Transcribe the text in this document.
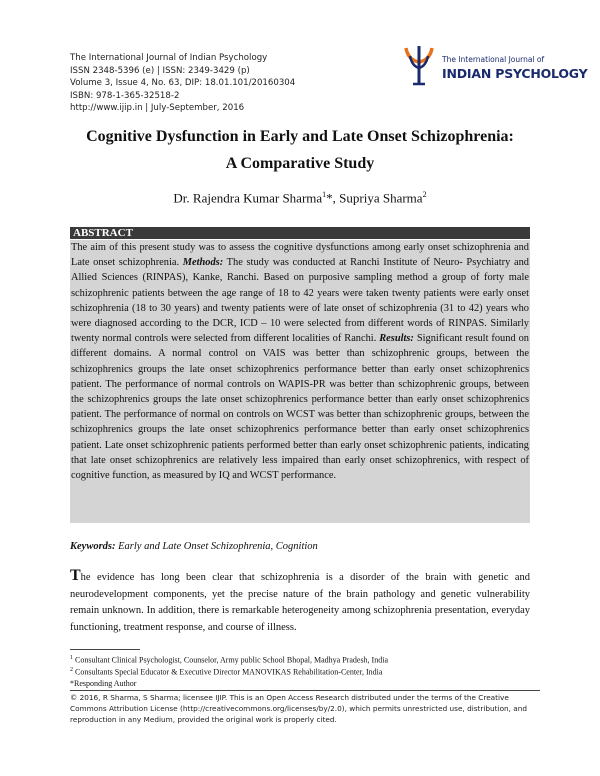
The International Journal of Indian Psychology
ISSN 2348-5396 (e) | ISSN: 2349-3429 (p)
Volume 3, Issue 4, No. 63, DIP: 18.01.101/20160304
ISBN: 978-1-365-32518-2
http://www.ijip.in | July-September, 2016
The International Journal of
INDIAN PSYCHOLOGY
Cognitive Dysfunction in Early and Late Onset Schizophrenia:
A Comparative Study
Dr. Rajendra Kumar Sharma$^1$*, Supriya Sharma$^2$
ABSTRACT
The aim of this present study was to assess the cognitive dysfunctions among early onset schizophrenia and Late onset schizophrenia. Methods: The study was conducted at Ranchi Institute of Neuro- Psychiatry and Allied Sciences (RINPAS), Kanke, Ranchi. Based on purposive sampling method a group of forty male schizophrenic patients between the age range of 18 to 42 years were taken twenty patients were early onset schizophrenia (18 to 30 years) and twenty patients were of late onset of schizophrenia (31 to 42) years who were diagnosed according to the DCR, ICD – 10 were selected from different words of RINPAS. Similarly twenty normal controls were selected from different localities of Ranchi. Results: Significant result found on different domains. A normal control on VAIS was better than schizophrenic groups, between the schizophrenics groups the late onset schizophrenics performance better than early onset schizophrenics patient. The performance of normal controls on WAPIS-PR was better than schizophrenic groups, between the schizophrenics groups the late onset schizophrenics performance better than early onset schizophrenics patient. The performance of normal on controls on WCST was better than schizophrenic groups, between the schizophrenics groups the late onset schizophrenics performance better than early onset schizophrenics patient. Late onset schizophrenic patients performed better than early onset schizophrenic patients, indicating that late onset schizophrenics are relatively less impaired than early onset schizophrenics, with respect of cognitive function, as measured by IQ and WCST performance.
Keywords: Early and Late Onset Schizophrenia, Cognition
The evidence has long been clear that schizophrenia is a disorder of the brain with genetic and neurodevelopment components, yet the precise nature of the brain pathology and genetic vulnerability remain unknown. In addition, there is remarkable heterogeneity among schizophrenia presentation, everyday functioning, treatment response, and course of illness.
$^1$ Consultant Clinical Psychologist, Counselor, Army public School Bhopal, Madhya Pradesh, India
$^2$ Consultants Special Educator & Executive Director MANOVIKAS Rehabilitation-Center, India
*Responding Author
© 2016, R Sharma, S Sharma; licensee IJIP. This is an Open Access Research distributed under the terms of the Creative Commons Attribution License (http://creativecommons.org/licenses/by/2.0), which permits unrestricted use, distribution, and reproduction in any Medium, provided the original work is properly cited.
